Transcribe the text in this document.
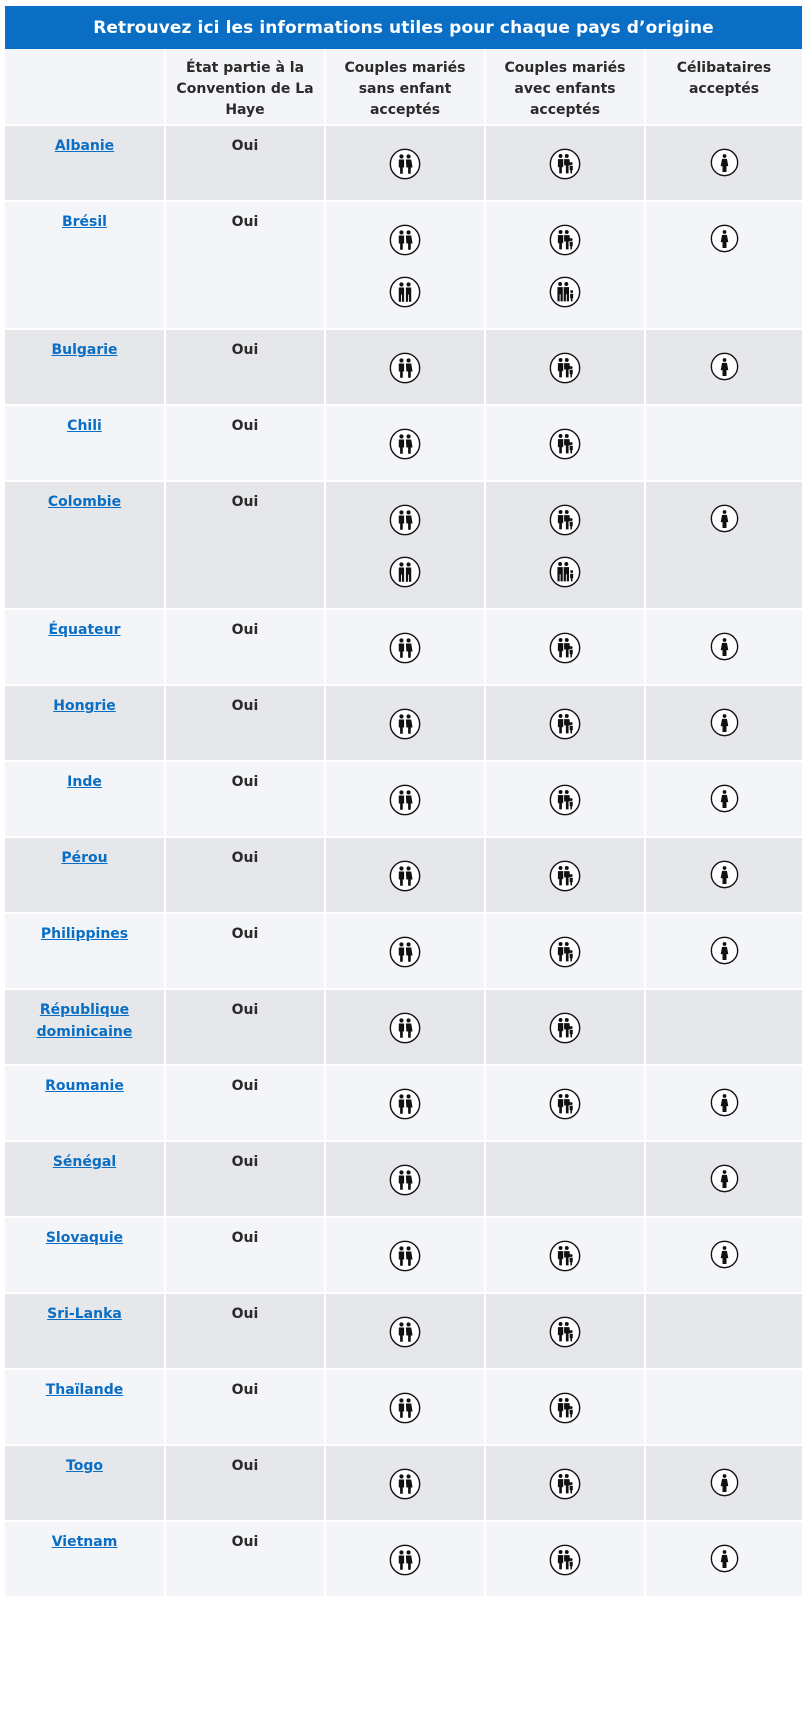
Retrouvez ici les informations utiles pour chaque pays d’origine
	État partie à la Convention de La Haye	Couples mariés sans enfant acceptés	Couples mariés avec enfants acceptés	Célibataires acceptés
Albanie	Oui	

Brésil	Oui	

Bulgarie	Oui	

Chili	Oui	

Colombie	Oui	

Équateur	Oui	

Hongrie	Oui	

Inde	Oui	

Pérou	Oui	

Philippines	Oui	

République dominicaine	Oui	

Roumanie	Oui	

Sénégal	Oui	

Slovaquie	Oui	

Sri-Lanka	Oui	

Thaïlande	Oui	

Togo	Oui	

Vietnam	Oui	
